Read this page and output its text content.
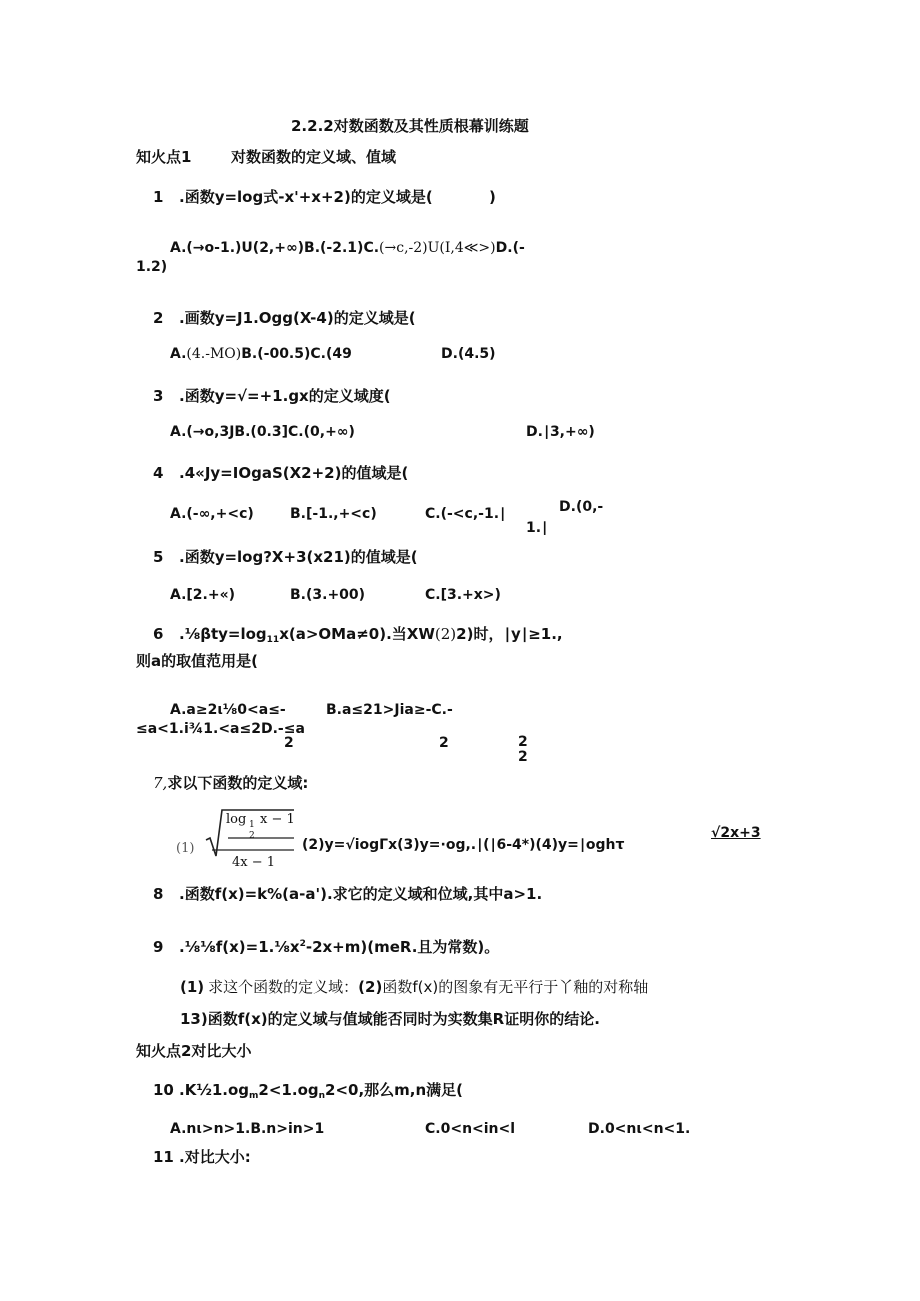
2.2.2对数函数及其性质根幕训练题
知火点1	对数函数的定义域、值域
1 .函数y=log式-x'+x+2)的定义域是(	)
A.(→o-1.)U(2,+∞)B.(-2.1)C.(→c,-2)U(I,4≪>)D.(-
1.2)
2 .画数y=J1.Ogg(X-4)的定义域是(
A.(4.-MO)B.(-00.5)C.(49	D.(4.5)
3 .函数y=√=+1.gx的定义域度(
A.(→o,3JB.(0.3]C.(0,+∞)	D.∣3,+∞)
4 .4«Jy=IOgaS(X2+2)的值域是(
A.(-∞,+<c)	B.[-1.,+<c)	C.(-<c,-1.∣	D.(0,-
1.∣
5 .函数y=log?X+3(x21)的值域是(
A.[2.+«)	B.(3.+00)	C.[3.+x>)
6 $.\frac{1}{8}\beta ty=\log_{11}x(a>OMa\ne 0)$.当XW(2)2)时，∣y∣≥1.,
则a的取值范用是(
A.a≥2ι⅛0<a≤-	B.a≤21>Jia≥-C.-
≤a<1.i¾1.<a≤2D.-≤a
2	2	2
2
7,求以下函数的定义域:
(1)
log 1
2
x − 1
4x − 1
(2)y=√iogΓx(3)y=·og,.∣(∣6-4*)(4)y=∣oghτ
√2x+3
8 .函数f(x)=k%(a-a').求它的定义域和位域,其中a>1.
9 $.\frac{1}{8}\frac{1}{8}f(x)=1.\frac{1}{8}x^2-2x+m)(meR$.且为常数)。
(1) 求这个函数的定义域：(2)函数f(x)的图象有无平行于丫釉的对称轴
13)函数f(x)的定义域与值域能否同时为实数集R证明你的结论.
知火点2对比大小
10 $.K\frac{1}{2}1.og_m2<1.og_n2<0$,那么m,n满足(
A.nι>n>1.B.n>in>1	C.0<n<in<l	D.0<nι<n<1.
11 .对比大小:
